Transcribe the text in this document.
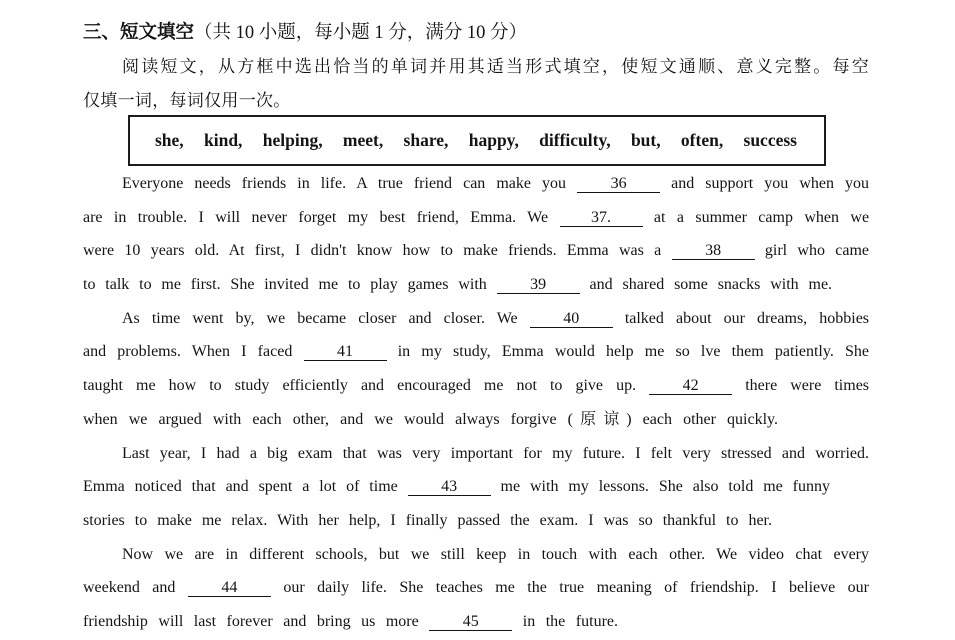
三、短文填空（共 10 小题，每小题 1 分，满分 10 分）
阅读短文，从方框中选出恰当的单词并用其适当形式填空，使短文通顺、意义完整。每空
仅填一词，每词仅用一次。
she, kind, helping, meet, share, happy, difficulty, but, often, success
Everyone needs friends in life. A true friend can make you	36	and support you when you
are in trouble. I will never forget my best friend, Emma. We	37.	at a summer camp when we
were 10 years old. At first, I didn't know how to make friends. Emma was a	38	girl who came
to talk to me first. She invited me to play games with	39	and shared some snacks with me.
As time went by, we became closer and closer. We	40	talked about our dreams, hobbies
and problems. When I faced	41	in my study, Emma would help me so lve them patiently. She
taught me how to study efficiently and encouraged me not to give up.	42	there were times
when we argued with each other, and we would always forgive (原谅) each other quickly.
Last year, I had a big exam that was very important for my future. I felt very stressed and worried.
Emma noticed that and spent a lot of time	43	me with my lessons. She also told me funny
stories to make me relax. With her help, I finally passed the exam. I was so thankful to her.
Now we are in different schools, but we still keep in touch with each other. We video chat every
weekend and	44	our daily life. She teaches me the true meaning of friendship. I believe our
friendship will last forever and bring us more	45	in the future.
